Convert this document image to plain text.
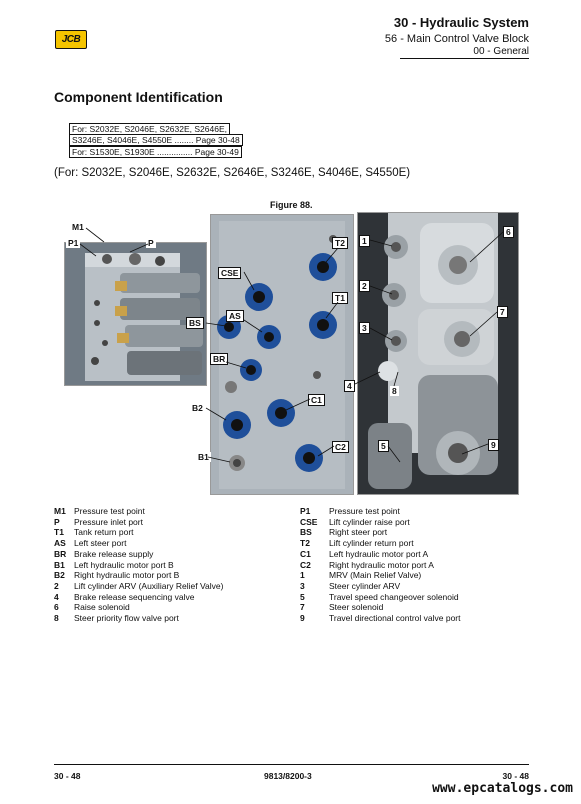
JCB
30 - Hydraulic System
56 - Main Control Valve Block
00 - General
Component Identification
For: S2032E, S2046E, S2632E, S2646E,
S3246E, S4046E, S4550E ........ Page 30-48
For: S1530E, S1930E ............... Page 30-49
(For: S2032E, S2046E, S2632E, S2646E, S3246E, S4046E, S4550E)
Figure 88.
M1
P1	P
CSE
T2
T1
AS
BS
BR
C1
B2
C2
B1
1
6
2
7
3
4	8
5	9
M1 Pressure test point
P	Pressure inlet port
T1	Tank return port
AS Left steer port
BR Brake release supply
B1	Left hydraulic motor port B
B2	Right hydraulic motor port B
2	Lift cylinder ARV (Auxiliary Relief Valve)
4	Brake release sequencing valve
6	Raise solenoid
8	Steer priority flow valve port
P1	Pressure test point
CSE	Lift cylinder raise port
BS	Right steer port
T2	Lift cylinder return port
C1	Left hydraulic motor port A
C2	Right hydraulic motor port A
1	MRV (Main Relief Valve)
3	Steer cylinder ARV
5	Travel speed changeover solenoid
7	Steer solenoid
9	Travel directional control valve port
30 - 48	9813/8200-3	30 - 48
www.epcatalogs.com
